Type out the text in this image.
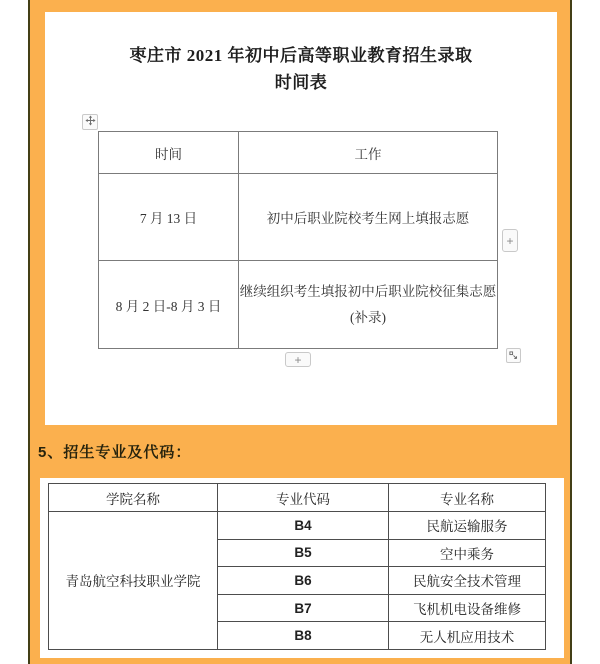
枣庄市 2021 年初中后高等职业教育招生录取
时间表
时间	工作
7 月 13 日	初中后职业院校考生网上填报志愿
8 月 2 日-8 月 3 日	继续组织考生填报初中后职业院校征集志愿
(补录)
+
+
5、招生专业及代码：
学院名称	专业代码	专业名称
青岛航空科技职业学院	B4	民航运输服务
	B5	空中乘务
	B6	民航安全技术管理
	B7	飞机机电设备维修
	B8	无人机应用技术
